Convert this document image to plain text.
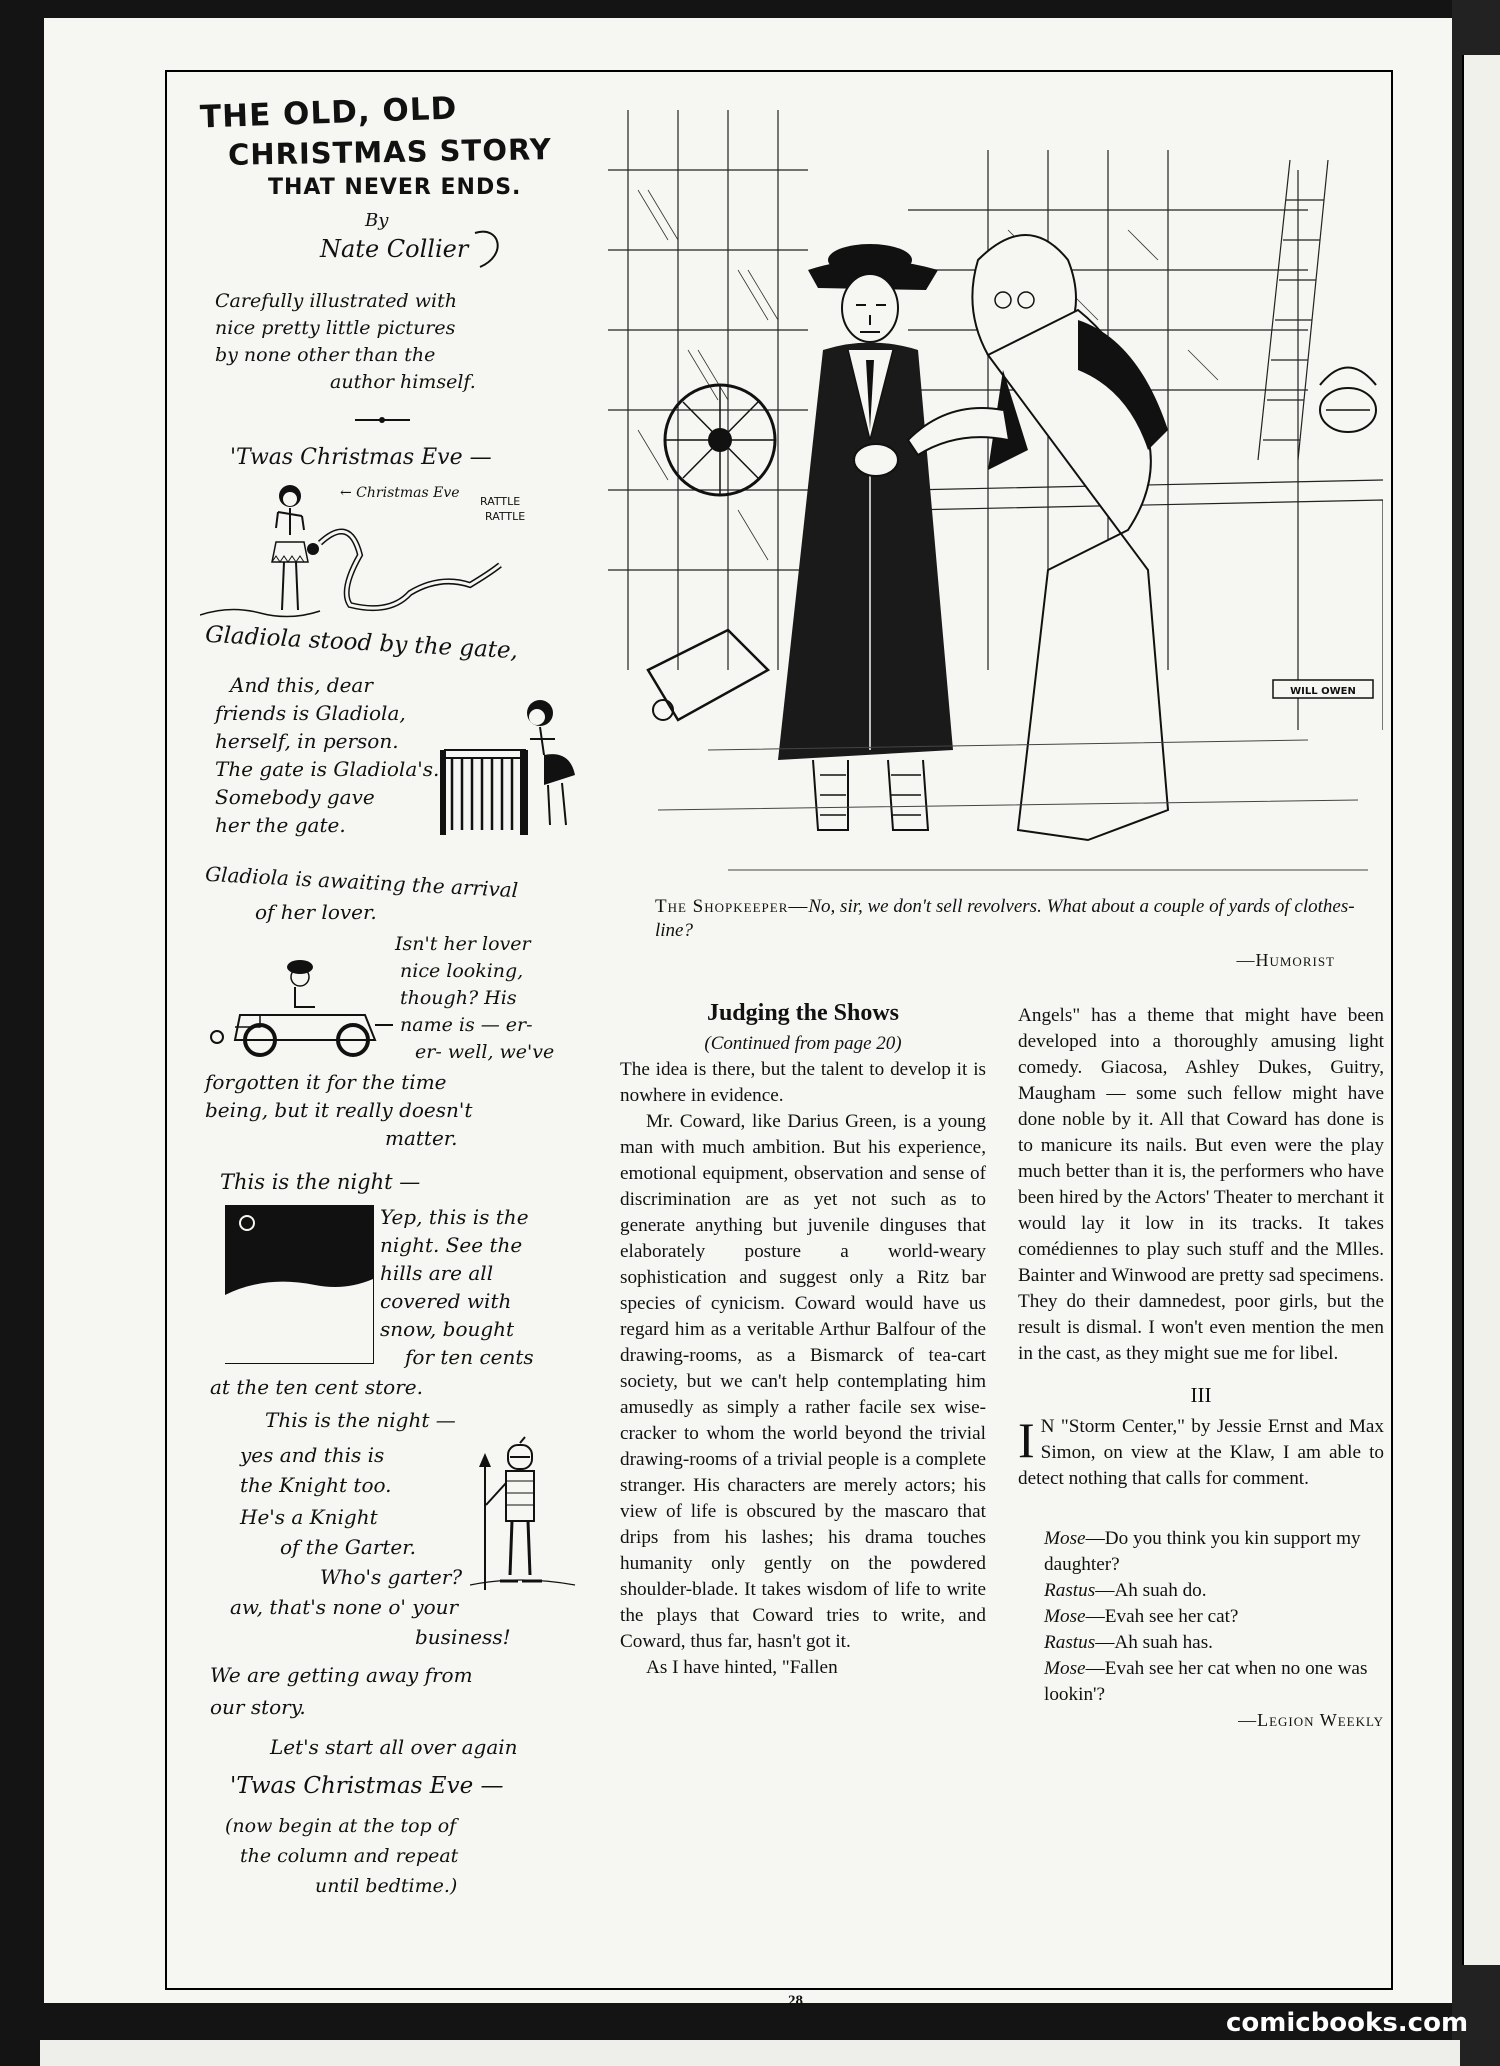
THE OLD, OLD
CHRISTMAS STORY
THAT NEVER ENDS.
By
Nate Collier
Carefully illustrated with
nice pretty little pictures
by none other than the
author himself.
'Twas Christmas Eve —
← Christmas Eve
RATTLE
RATTLE
Gladiola stood by the gate,
And this, dear
friends is Gladiola,
herself, in person.
The gate is Gladiola's.
Somebody gave
her the gate.
Gladiola is awaiting the arrival
of her lover.
Isn't her lover
nice looking,
though? His
name is — er-
er- well, we've
forgotten it for the time
being, but it really doesn't
matter.
This is the night —
Yep, this is the
night. See the
hills are all
covered with
snow, bought
for ten cents
at the ten cent store.
This is the night —
yes and this is
the Knight too.
He's a Knight
of the Garter.
Who's garter?
aw, that's none o' your
business!
We are getting away from
our story.
Let's start all over again
'Twas Christmas Eve —
(now begin at the top of
the column and repeat
until bedtime.)
WILL OWEN
The Shopkeeper—No, sir, we don't sell revolvers. What about a couple of yards of clothes-line?
—Humorist
Judging the Shows
(Continued from page 20)

The idea is there, but the talent to develop it is nowhere in evidence.

Mr. Coward, like Darius Green, is a young man with much ambition. But his experience, emotional equipment, observation and sense of discrimination are as yet not such as to generate anything but juvenile dinguses that elaborately posture a world-weary sophistication and suggest only a Ritz bar species of cynicism. Coward would have us regard him as a veritable Arthur Balfour of the drawing-rooms, as a Bismarck of tea-cart society, but we can't help contemplating him amusedly as simply a rather facile sex wise-cracker to whom the world beyond the trivial drawing-rooms of a trivial people is a complete stranger. His characters are merely actors; his view of life is obscured by the mascaro that drips from his lashes; his drama touches humanity only gently on the powdered shoulder-blade. It takes wisdom of life to write the plays that Coward tries to write, and Coward, thus far, hasn't got it.

As I have hinted, "Fallen

Angels" has a theme that might have been developed into a thoroughly amusing light comedy. Giacosa, Ashley Dukes, Guitry, Maugham — some such fellow might have done noble by it. All that Coward has done is to manicure its nails. But even were the play much better than it is, the performers who have been hired by the Actors' Theater to merchant it would lay it low in its tracks. It takes comédiennes to play such stuff and the Mlles. Bainter and Winwood are pretty sad specimens. They do their damnedest, poor girls, but the result is dismal. I won't even mention the men in the cast, as they might sue me for libel.

III

I N "Storm Center," by Jessie Ernst and Max Simon, on view at the Klaw, I am able to detect nothing that calls for comment.

Mose—Do you think you kin support my daughter?

Rastus—Ah suah do.

Mose—Evah see her cat?

Rastus—Ah suah has.

Mose—Evah see her cat when no one was lookin'?

—Legion Weekly
28
comicbooks.com
